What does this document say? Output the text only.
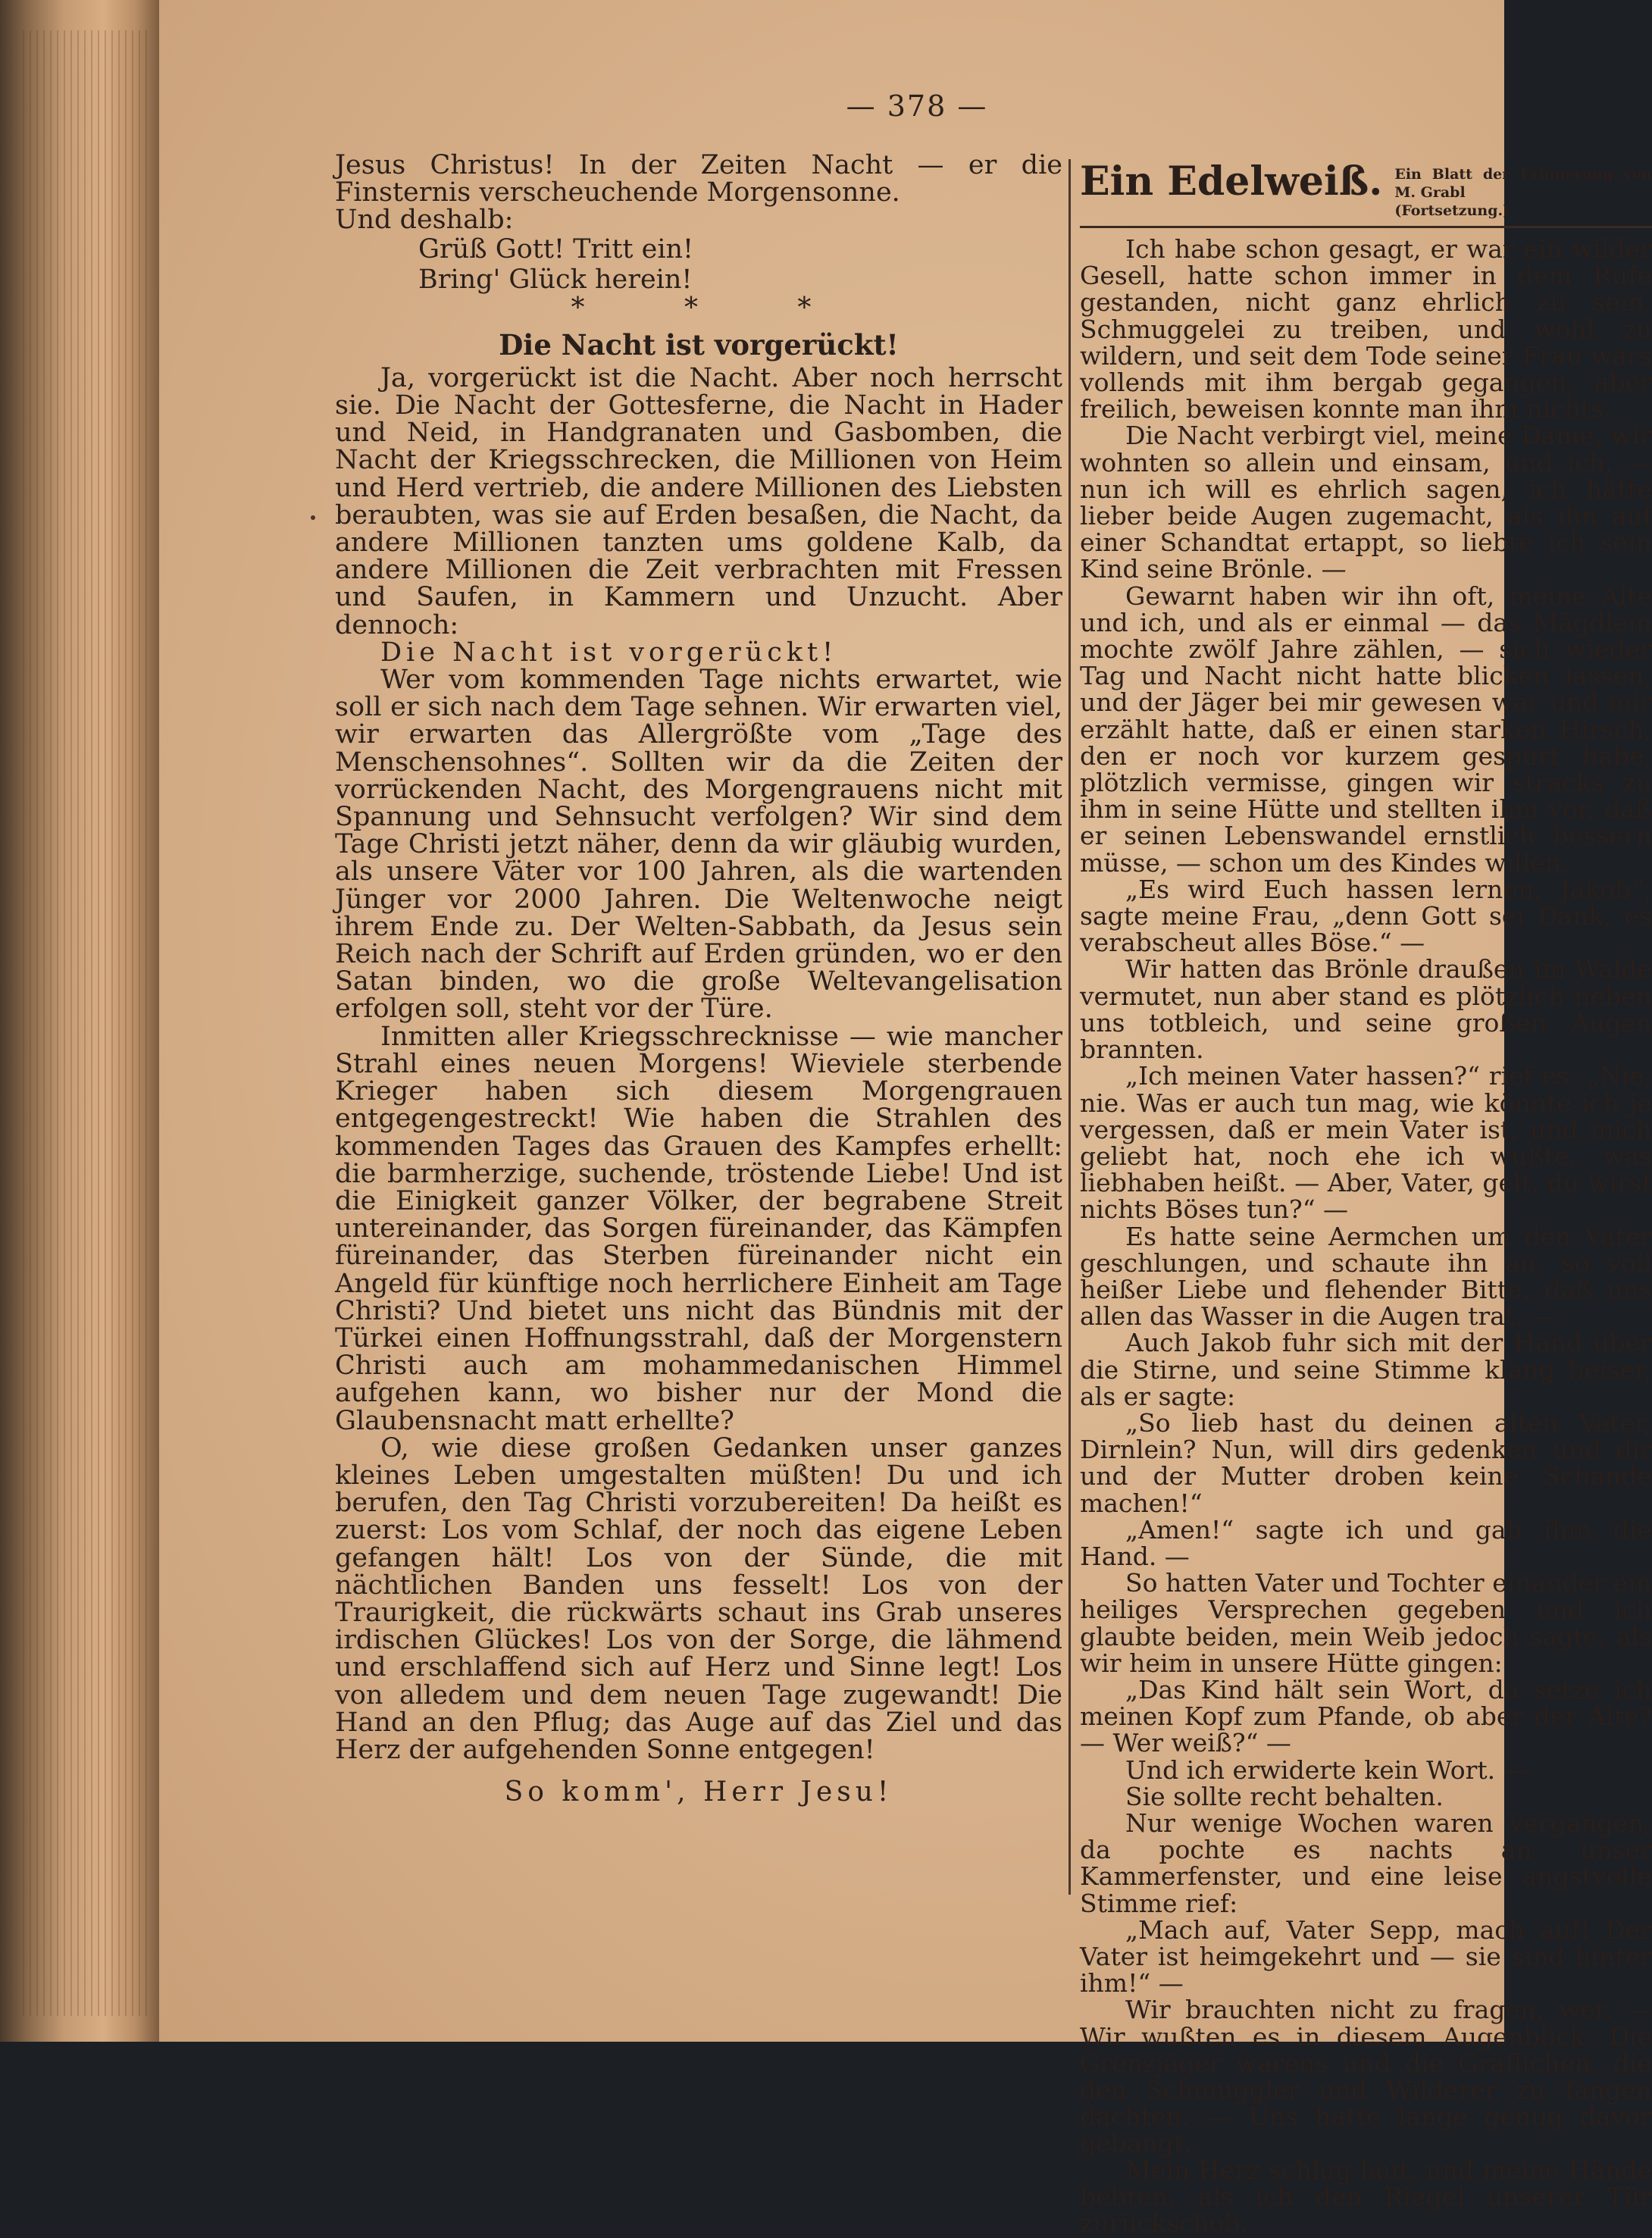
— 378 —

Jesus Christus! In der Zeiten Nacht — er die Finsternis verscheuchende Morgensonne.

Und deshalb:

Grüß Gott! Tritt ein!

Bring' Glück herein!

* * *

Die Nacht ist vorgerückt!

Ja, vorgerückt ist die Nacht. Aber noch herrscht sie. Die Nacht der Gottesferne, die Nacht in Hader und Neid, in Handgranaten und Gasbomben, die Nacht der Kriegsschrecken, die Millionen von Heim und Herd vertrieb, die andere Millionen des Liebsten beraubten, was sie auf Erden besaßen, die Nacht, da andere Millionen tanzten ums goldene Kalb, da andere Millionen die Zeit verbrachten mit Fressen und Saufen, in Kammern und Unzucht. Aber dennoch:

Die Nacht ist vorgerückt!

Wer vom kommenden Tage nichts erwartet, wie soll er sich nach dem Tage sehnen. Wir erwarten viel, wir erwarten das Allergrößte vom „Tage des Menschensohnes“. Sollten wir da die Zeiten der vorrückenden Nacht, des Morgengrauens nicht mit Spannung und Sehnsucht verfolgen? Wir sind dem Tage Christi jetzt näher, denn da wir gläubig wurden, als unsere Väter vor 100 Jahren, als die wartenden Jünger vor 2000 Jahren. Die Weltenwoche neigt ihrem Ende zu. Der Welten-Sabbath, da Jesus sein Reich nach der Schrift auf Erden gründen, wo er den Satan binden, wo die große Weltevangelisation erfolgen soll, steht vor der Türe.

Inmitten aller Kriegsschrecknisse — wie mancher Strahl eines neuen Morgens! Wieviele sterbende Krieger haben sich diesem Morgengrauen entgegengestreckt! Wie haben die Strahlen des kommenden Tages das Grauen des Kampfes erhellt: die barmherzige, suchende, tröstende Liebe! Und ist die Einigkeit ganzer Völker, der begrabene Streit untereinander, das Sorgen füreinander, das Kämpfen füreinander, das Sterben füreinander nicht ein Angeld für künftige noch herrlichere Einheit am Tage Christi? Und bietet uns nicht das Bündnis mit der Türkei einen Hoffnungsstrahl, daß der Morgenstern Christi auch am mohammedanischen Himmel aufgehen kann, wo bisher nur der Mond die Glaubensnacht matt erhellte?

O, wie diese großen Gedanken unser ganzes kleines Leben umgestalten müßten! Du und ich berufen, den Tag Christi vorzubereiten! Da heißt es zuerst: Los vom Schlaf, der noch das eigene Leben gefangen hält! Los von der Sünde, die mit nächtlichen Banden uns fesselt! Los von der Traurigkeit, die rückwärts schaut ins Grab unseres irdischen Glückes! Los von der Sorge, die lähmend und erschlaffend sich auf Herz und Sinne legt! Los von alledem und dem neuen Tage zugewandt! Die Hand an den Pflug; das Auge auf das Ziel und das Herz der aufgehenden Sonne entgegen!

So komm', Herr Jesu!

Ein Edelweiß. Ein Blatt der Erinnerung von M. Grabl
(Fortsetzung.)

Ich habe schon gesagt, er war ein wilder Gesell, hatte schon immer in dem Rufe gestanden, nicht ganz ehrlich zu sein, Schmuggelei zu treiben, und wohl zu wildern, und seit dem Tode seiner Frau wars vollends mit ihm bergab gegangen, aber freilich, beweisen konnte man ihm nichts.

Die Nacht verbirgt viel, meine Dame, wir wohnten so allein und einsam, und ich, — nun ich will es ehrlich sagen, ich hätte lieber beide Augen zugemacht, als ihn auf einer Schandtat ertappt, so liebte ich sein Kind seine Brönle. —

Gewarnt haben wir ihn oft, meine Alte und ich, und als er einmal — das Mägdlein mochte zwölf Jahre zählen, — sich wieder Tag und Nacht nicht hatte blicken lassen, und der Jäger bei mir gewesen war und mir erzählt hatte, daß er einen starken Hirsch, den er noch vor kurzem gespürt habe, plötzlich vermisse, gingen wir stracks zu ihm in seine Hütte und stellten ihm vor, daß er seinen Lebenswandel ernstlich bessern müsse, — schon um des Kindes willen.

„Es wird Euch hassen lernen, Jakob“, sagte meine Frau, „denn Gott sei Dank, es verabscheut alles Böse.“ —

Wir hatten das Brönle draußen im Walde vermutet, nun aber stand es plötzlich neben uns totbleich, und seine großen Augen brannten.

„Ich meinen Vater hassen?“ rief es. „Nie, nie. Was er auch tun mag, wie könnte ich je vergessen, daß er mein Vater ist, und mich geliebt hat, noch ehe ich wußte, was liebhaben heißt. — Aber, Vater, gelt, du wirst nichts Böses tun?“ —

Es hatte seine Aermchen um den Vater geschlungen, und schaute ihn an, so voll heißer Liebe und flehender Bitte, daß uns allen das Wasser in die Augen trat. —

Auch Jakob fuhr sich mit der Hand über die Stirne, und seine Stimme klang heiser, als er sagte:

„So lieb hast du deinen alten Vater, Dirnlein? Nun, will dirs gedenken und dir und der Mutter droben keine Schande machen!“

„Amen!“ sagte ich und gab ihm die Hand. —

So hatten Vater und Tochter einander ein heiliges Versprechen gegeben und ich glaubte beiden, mein Weib jedoch sagte, als wir heim in unsere Hütte gingen:

„Das Kind hält sein Wort, da setze ich meinen Kopf zum Pfande, ob aber der Alte? — Wer weiß?“ —

Und ich erwiderte kein Wort. —

Sie sollte recht behalten.

Nur wenige Wochen waren vergangen, da pochte es nachts an unser Kammerfenster, und eine leise angstvolle Stimme rief:

„Mach auf, Vater Sepp, mach auf! Der Vater ist heimgekehrt und — sie sind hinter ihm!“ —

Wir brauchten nicht zu fragen, wer. — Wir wußten es in diesem Augenblick. Die Grenzjäger warens und die Gräflichen, die den Schmuggler und Wilderer zu fangen dachten. — Uns hatte lange genug davor gebangt.

Mein Herz schlug laut, und meine Hände bebten, als ich den Riegel unserer Tür zurückschob.
